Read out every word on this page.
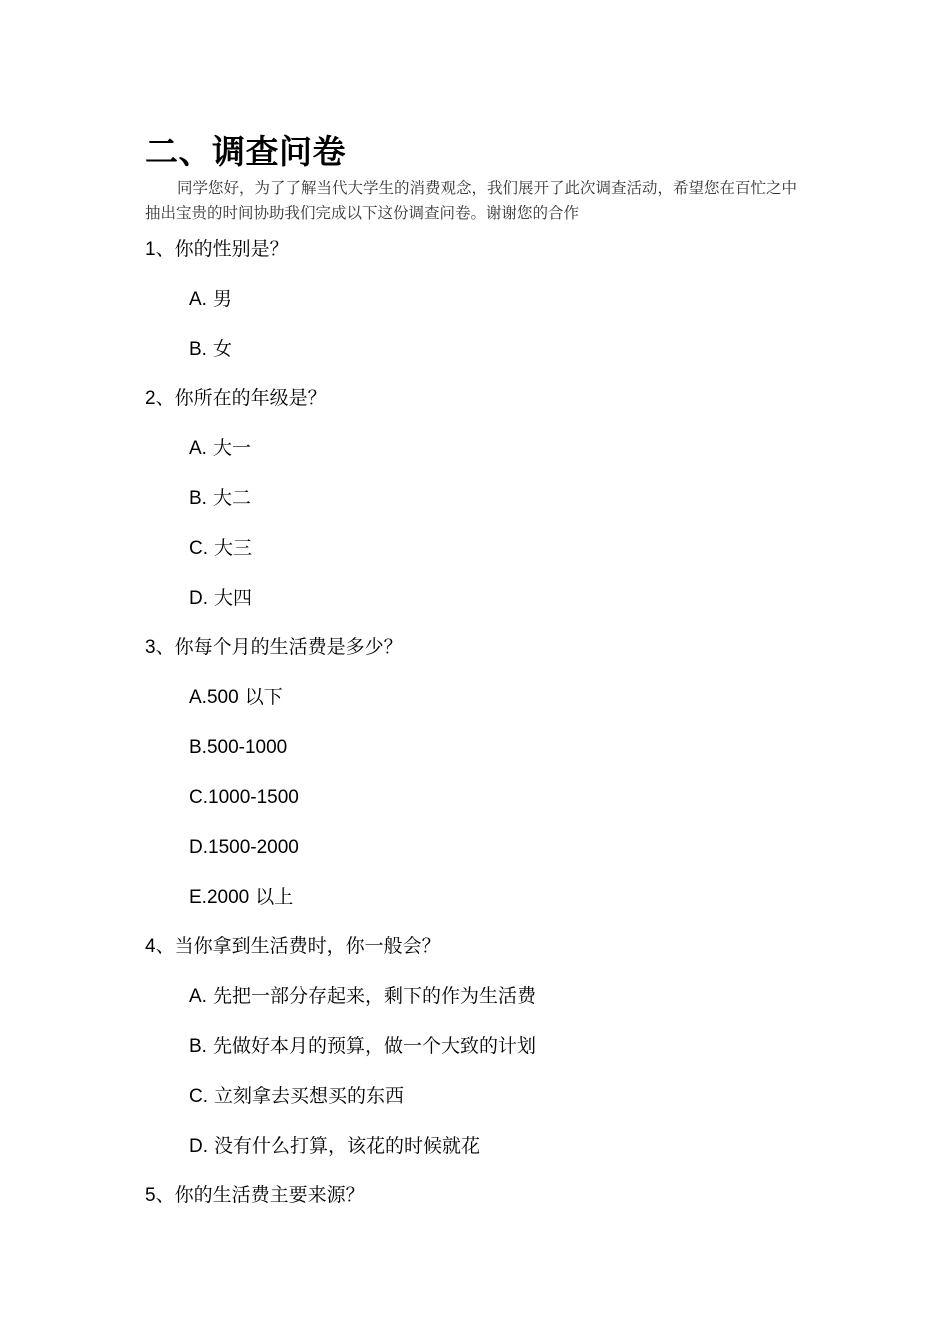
二、调查问卷
同学您好，为了了解当代大学生的消费观念，我们展开了此次调查活动，希望您在百忙之中抽出宝贵的时间协助我们完成以下这份调查问卷。谢谢您的合作
1、你的性别是？
A. 男
B. 女
2、你所在的年级是？
A. 大一
B. 大二
C. 大三
D. 大四
3、你每个月的生活费是多少？
A.500 以下
B.500-1000
C.1000-1500
D.1500-2000
E.2000 以上
4、当你拿到生活费时，你一般会？
A. 先把一部分存起来，剩下的作为生活费
B. 先做好本月的预算，做一个大致的计划
C. 立刻拿去买想买的东西
D. 没有什么打算，该花的时候就花
5、你的生活费主要来源？
